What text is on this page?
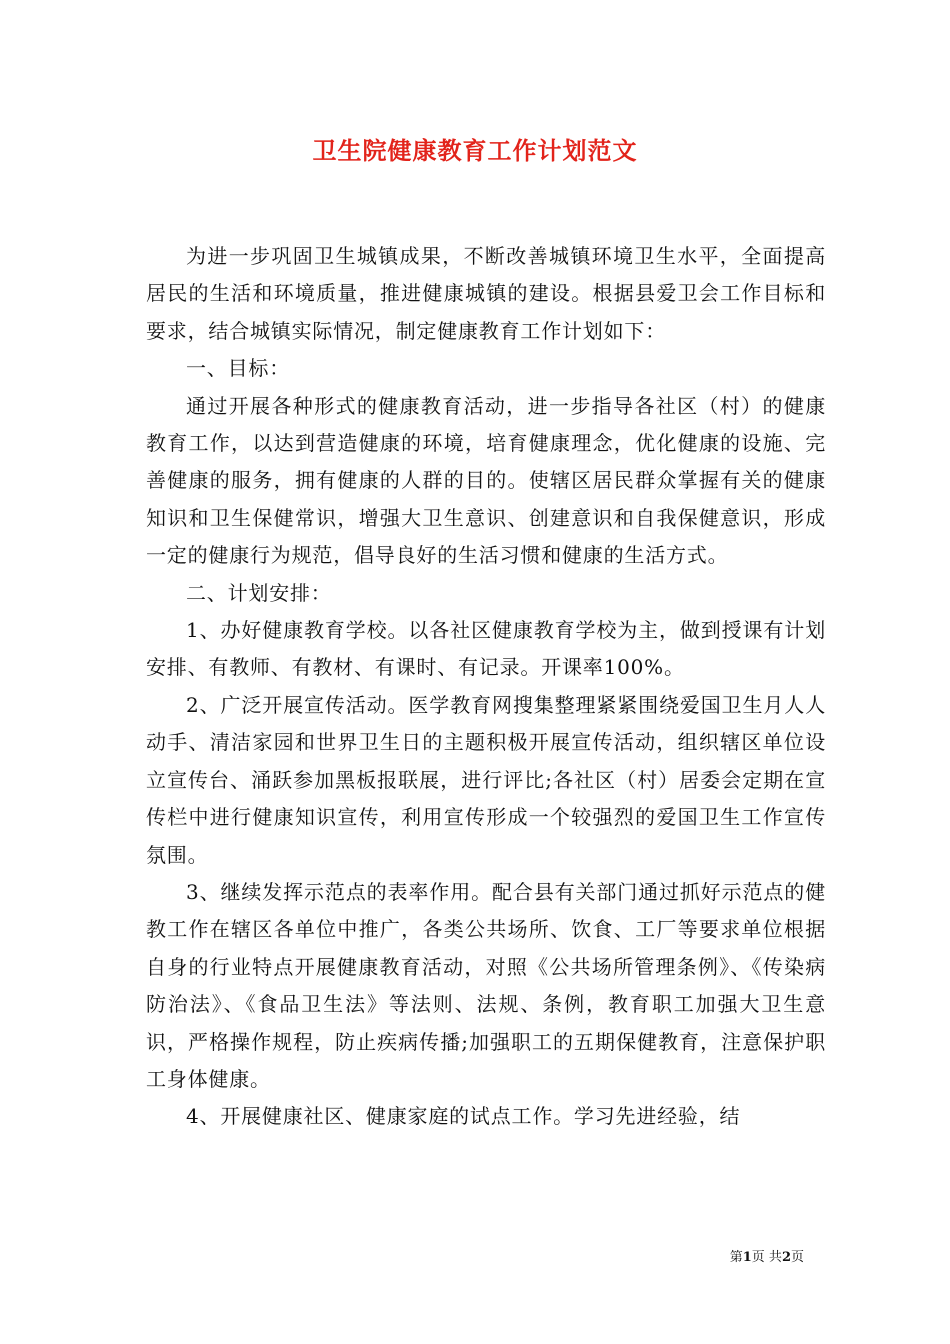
卫生院健康教育工作计划范文

为进一步巩固卫生城镇成果，不断改善城镇环境卫生水平，全面提高居民的生活和环境质量，推进健康城镇的建设。根据县爱卫会工作目标和要求，结合城镇实际情况，制定健康教育工作计划如下：

一、目标：

通过开展各种形式的健康教育活动，进一步指导各社区（村）的健康教育工作，以达到营造健康的环境，培育健康理念，优化健康的设施、完善健康的服务，拥有健康的人群的目的。使辖区居民群众掌握有关的健康知识和卫生保健常识，增强大卫生意识、创建意识和自我保健意识，形成一定的健康行为规范，倡导良好的生活习惯和健康的生活方式。

二、计划安排：

1、办好健康教育学校。以各社区健康教育学校为主，做到授课有计划安排、有教师、有教材、有课时、有记录。开课率100%。

2、广泛开展宣传活动。医学教育网搜集整理紧紧围绕爱国卫生月人人动手、清洁家园和世界卫生日的主题积极开展宣传活动，组织辖区单位设立宣传台、涌跃参加黑板报联展，进行评比;各社区（村）居委会定期在宣传栏中进行健康知识宣传，利用宣传形成一个较强烈的爱国卫生工作宣传氛围。

3、继续发挥示范点的表率作用。配合县有关部门通过抓好示范点的健教工作在辖区各单位中推广，各类公共场所、饮食、工厂等要求单位根据自身的行业特点开展健康教育活动，对照《公共场所管理条例》、《传染病防治法》、《食品卫生法》等法则、法规、条例，教育职工加强大卫生意识，严格操作规程，防止疾病传播;加强职工的五期保健教育，注意保护职工身体健康。

4、开展健康社区、健康家庭的试点工作。学习先进经验，结

第1页 共2页
